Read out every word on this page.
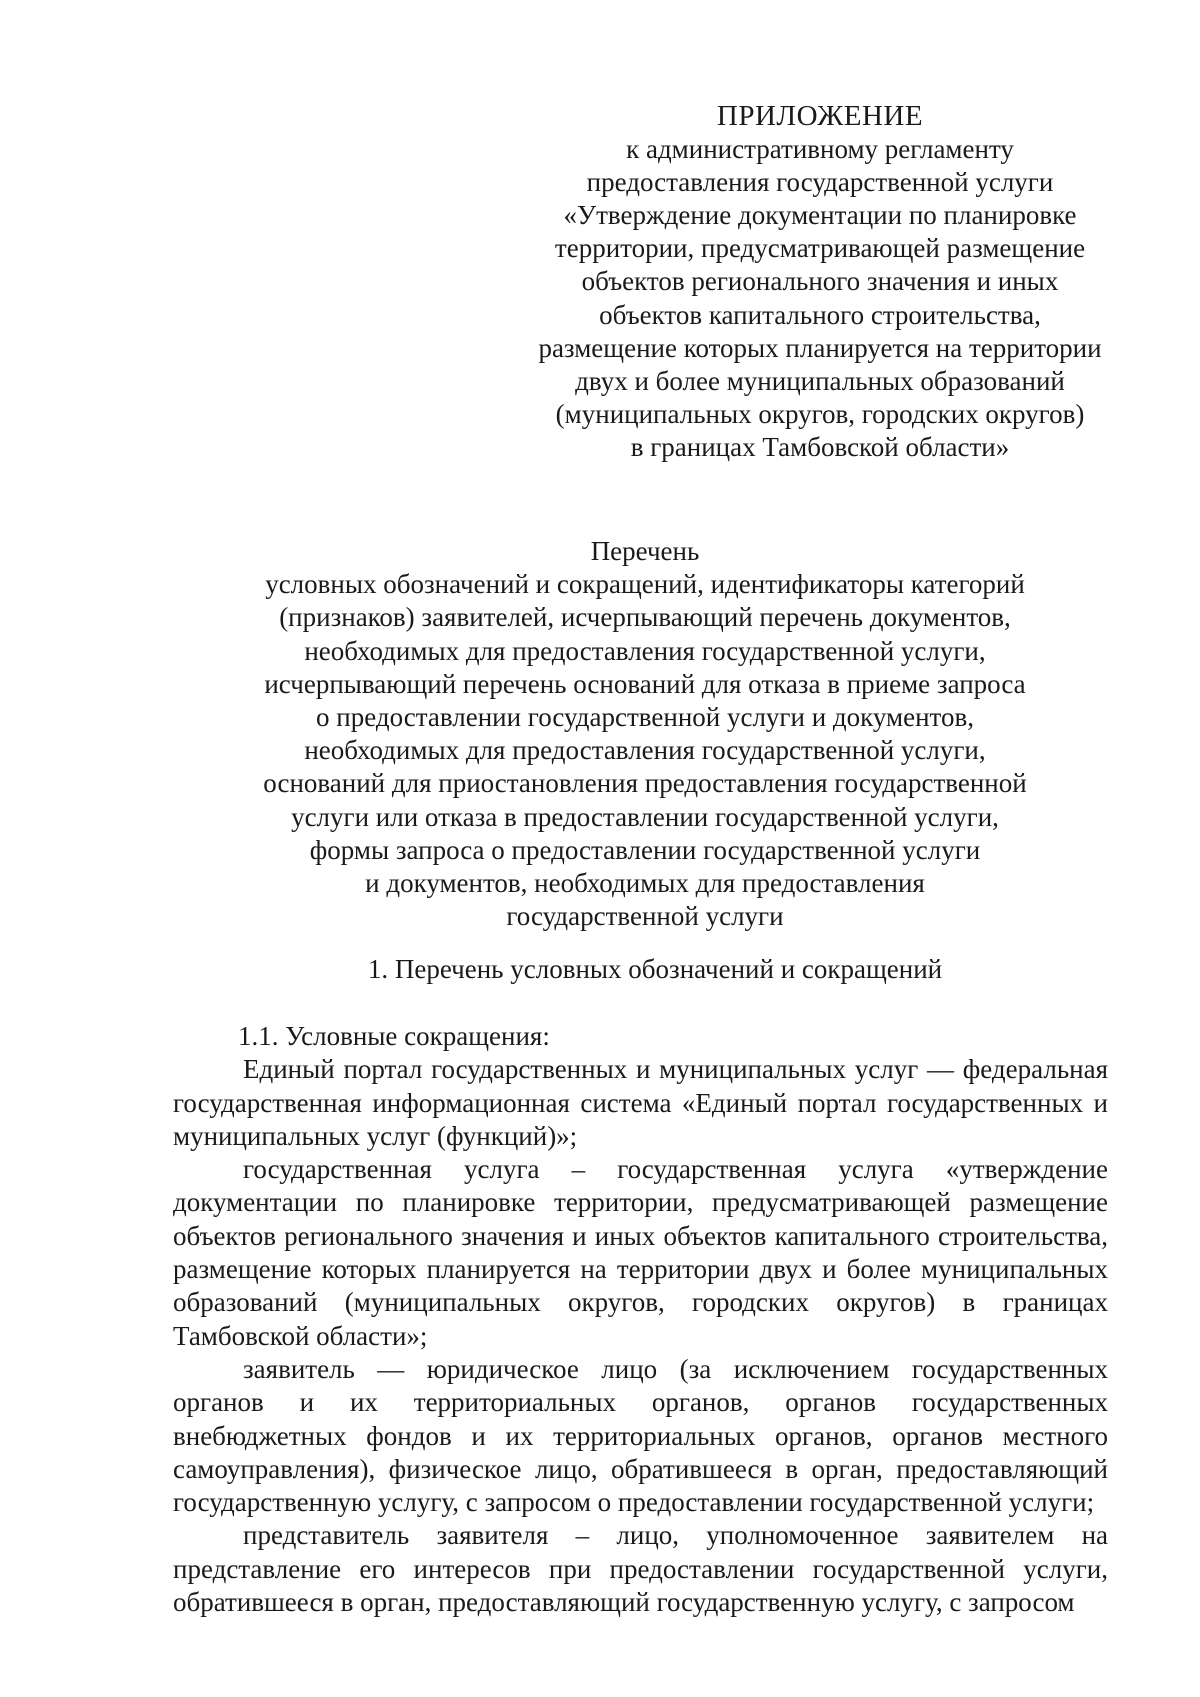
ПРИЛОЖЕНИЕ
к административному регламенту
предоставления государственной услуги
«Утверждение документации по планировке
территории, предусматривающей размещение
объектов регионального значения и иных
объектов капитального строительства,
размещение которых планируется на территории
двух и более муниципальных образований
(муниципальных округов, городских округов)
в границах Тамбовской области»
Перечень
условных обозначений и сокращений, идентификаторы категорий
(признаков) заявителей, исчерпывающий перечень документов,
необходимых для предоставления государственной услуги,
исчерпывающий перечень оснований для отказа в приеме запроса
о предоставлении государственной услуги и документов,
необходимых для предоставления государственной услуги,
оснований для приостановления предоставления государственной
услуги или отказа в предоставлении государственной услуги,
формы запроса о предоставлении государственной услуги
и документов, необходимых для предоставления
государственной услуги
1. Перечень условных обозначений и сокращений

1.1. Условные сокращения:

Единый портал государственных и муниципальных услуг — федеральная государственная информационная система «Единый портал государственных и муниципальных услуг (функций)»;

государственная услуга – государственная услуга «утверждение документации по планировке территории, предусматривающей размещение объектов регионального значения и иных объектов капитального строительства, размещение которых планируется на территории двух и более муниципальных образований (муниципальных округов, городских округов) в границах Тамбовской области»;

заявитель — юридическое лицо (за исключением государственных органов и их территориальных органов, органов государственных внебюджетных фондов и их территориальных органов, органов местного самоуправления), физическое лицо, обратившееся в орган, предоставляющий государственную услугу, с запросом о предоставлении государственной услуги;

представитель заявителя – лицо, уполномоченное заявителем на представление его интересов при предоставлении государственной услуги, обратившееся в орган, предоставляющий государственную услугу, с запросом
